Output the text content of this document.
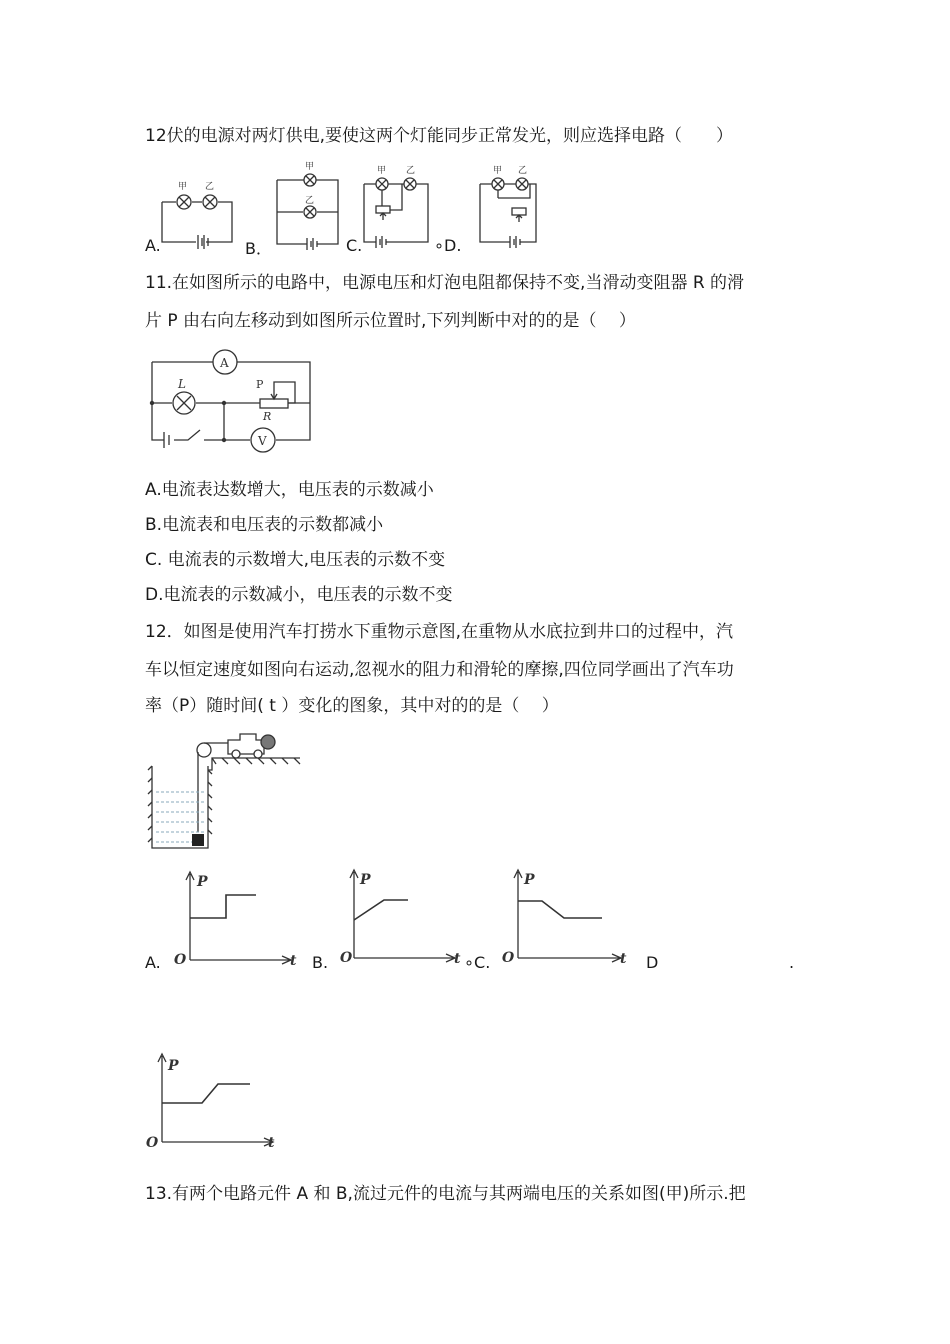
12伏的电源对两灯供电,要使这两个灯能同步正常发光，则应选择电路（　　）
甲 乙
A.
甲
乙
B．
甲 乙
C.
甲 乙
∘D.
11.在如图所示的电路中，电源电压和灯泡电阻都保持不变,当滑动变阻器 R 的滑
片 P 由右向左移动到如图所示位置时,下列判断中对的的是（　 ）
A
V
L	P
R
A.电流表达数增大，电压表的示数减小
B.电流表和电压表的示数都减小
C. 电流表的示数增大,电压表的示数不变
D.电流表的示数减小，电压表的示数不变
12．如图是使用汽车打捞水下重物示意图,在重物从水底拉到井口的过程中，汽
车以恒定速度如图向右运动,忽视水的阻力和滑轮的摩擦,四位同学画出了汽车功
率（P）随时间( t ）变化的图象，其中对的的是（　 ）
P
t
O
A.
P
t
O
B.
P
t
O
∘C.	D	.
P
t
O
13.有两个电路元件 A 和 B,流过元件的电流与其两端电压的关系如图(甲)所示.把
